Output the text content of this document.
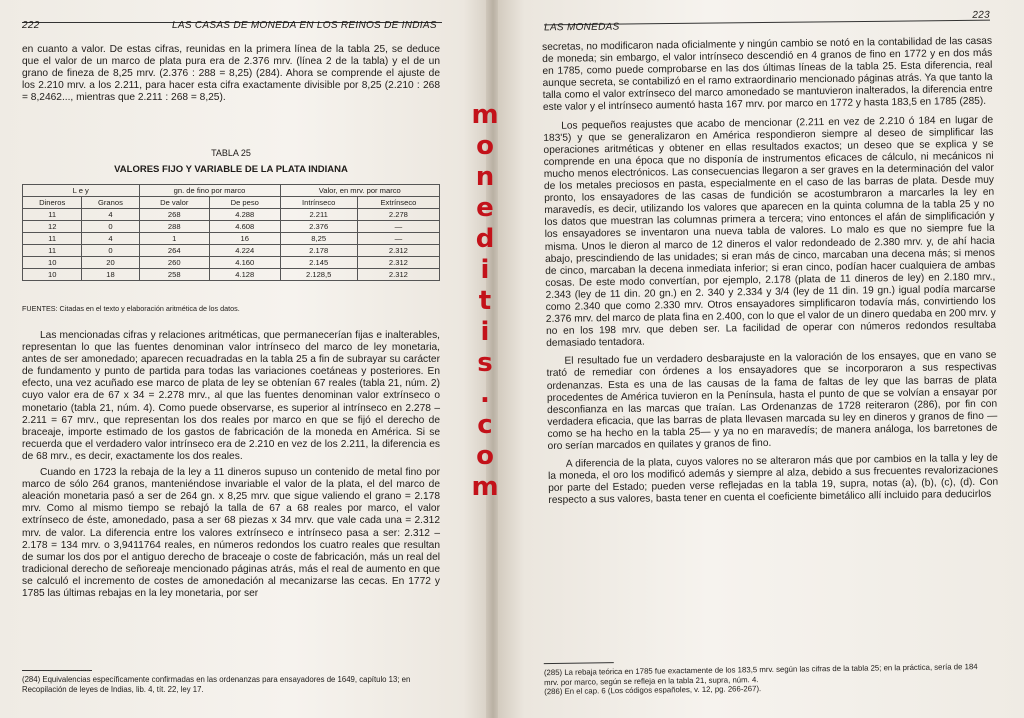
222	LAS CASAS DE MONEDA EN LOS REINOS DE INDIAS

en cuanto a valor. De estas cifras, reunidas en la primera línea de la tabla 25, se deduce que el valor de un marco de plata pura era de 2.376 mrv. (línea 2 de la tabla) y el de un grano de fineza de 8,25 mrv. (2.376 : 288 = 8,25) (284). Ahora se comprende el ajuste de los 2.210 mrv. a los 2.211, para hacer esta cifra exactamente divisible por 8,25 (2.210 : 268 = 8,2462..., mientras que 2.211 : 268 = 8,25).

TABLA 25
VALORES FIJO Y VARIABLE DE LA PLATA INDIANA
L e y		gn. de fino por marco		Valor, en mrv. por marco	
Dineros	Granos	De valor	De peso	Intrínseco	Extrínseco
11	4	268	4.288	2.211	2.278
12	0	288	4.608	2.376	—
11	4	1	16	8,25	—
11	0	264	4.224	2.178	2.312
10	20	260	4.160	2.145	2.312
10	18	258	4.128	2.128,5	2.312
FUENTES: Citadas en el texto y elaboración aritmética de los datos.

Las mencionadas cifras y relaciones aritméticas, que permanecerían fijas e inalterables, representan lo que las fuentes denominan valor intrínseco del marco de ley monetaria, antes de ser amonedado; aparecen recuadradas en la tabla 25 a fin de subrayar su carácter de fundamento y punto de partida para todas las variaciones coetáneas y posteriores. En efecto, una vez acuñado ese marco de plata de ley se obtenían 67 reales (tabla 21, núm. 2) cuyo valor era de 67 x 34 = 2.278 mrv., al que las fuentes denominan valor extrínseco o monetario (tabla 21, núm. 4). Como puede observarse, es superior al intrínseco en 2.278 – 2.211 = 67 mrv., que representan los dos reales por marco en que se fijó el derecho de braceaje, importe estimado de los gastos de fabricación de la moneda en América. Si se recuerda que el verdadero valor intrínseco era de 2.210 en vez de los 2.211, la diferencia es de 68 mrv., es decir, exactamente los dos reales.

Cuando en 1723 la rebaja de la ley a 11 dineros supuso un contenido de metal fino por marco de sólo 264 granos, manteniéndose invariable el valor de la plata, el del marco de aleación monetaria pasó a ser de 264 gn. x 8,25 mrv. que sigue valiendo el grano = 2.178 mrv. Como al mismo tiempo se rebajó la talla de 67 a 68 reales por marco, el valor extrínseco de éste, amonedado, pasa a ser 68 piezas x 34 mrv. que vale cada una = 2.312 mrv. de valor. La diferencia entre los valores extrínseco e intrínseco pasa a ser: 2.312 – 2.178 = 134 mrv. o 3,9411764 reales, en números redondos los cuatro reales que resultan de sumar los dos por el antiguo derecho de braceaje o coste de fabricación, más un real del tradicional derecho de señoreaje mencionado páginas atrás, más el real de aumento en que se calculó el incremento de costes de amonedación al mecanizarse las cecas. En 1772 y 1785 las últimas rebajas en la ley monetaria, por ser

(284) Equivalencias específicamente confirmadas en las ordenanzas para ensayadores de 1649, capítulo 13; en Recopilación de leyes de Indias, lib. 4, tít. 22, ley 17.
LAS MONEDAS
223

secretas, no modificaron nada oficialmente y ningún cambio se notó en la contabilidad de las casas de moneda; sin embargo, el valor intrínseco descendió en 4 granos de fino en 1772 y en dos más en 1785, como puede comprobarse en las dos últimas líneas de la tabla 25. Esta diferencia, real aunque secreta, se contabilizó en el ramo extraordinario mencionado páginas atrás. Ya que tanto la talla como el valor extrínseco del marco amonedado se mantuvieron inalterados, la diferencia entre este valor y el intrínseco aumentó hasta 167 mrv. por marco en 1772 y hasta 183,5 en 1785 (285).

Los pequeños reajustes que acabo de mencionar (2.211 en vez de 2.210 ó 184 en lugar de 183'5) y que se generalizaron en América respondieron siempre al deseo de simplificar las operaciones aritméticas y obtener en ellas resultados exactos; un deseo que se explica y se comprende en una época que no disponía de instrumentos eficaces de cálculo, ni mecánicos ni mucho menos electrónicos. Las consecuencias llegaron a ser graves en la determinación del valor de los metales preciosos en pasta, especialmente en el caso de las barras de plata. Desde muy pronto, los ensayadores de las casas de fundición se acostumbraron a marcarles la ley en maravedís, es decir, utilizando los valores que aparecen en la quinta columna de la tabla 25 y no los datos que muestran las columnas primera a tercera; vino entonces el afán de simplificación y los ensayadores se inventaron una nueva tabla de valores. Lo malo es que no siempre fue la misma. Unos le dieron al marco de 12 dineros el valor redondeado de 2.380 mrv. y, de ahí hacia abajo, prescindiendo de las unidades; si eran más de cinco, marcaban una decena más; si menos de cinco, marcaban la decena inmediata inferior; si eran cinco, podían hacer cualquiera de ambas cosas. De este modo convertían, por ejemplo, 2.178 (plata de 11 dineros de ley) en 2.180 mrv., 2.343 (ley de 11 din. 20 gn.) en 2. 340 y 2.334 y 3/4 (ley de 11 din. 19 gn.) igual podía marcarse como 2.340 que como 2.330 mrv. Otros ensayadores simplificaron todavía más, convirtiendo los 2.376 mrv. del marco de plata fina en 2.400, con lo que el valor de un dinero quedaba en 200 mrv. y no en los 198 mrv. que deben ser. La facilidad de operar con números redondos resultaba demasiado tentadora.

El resultado fue un verdadero desbarajuste en la valoración de los ensayes, que en vano se trató de remediar con órdenes a los ensayadores que se incorporaron a sus respectivas ordenanzas. Esta es una de las causas de la fama de faltas de ley que las barras de plata procedentes de América tuvieron en la Península, hasta el punto de que se volvían a ensayar por desconfianza en las marcas que traían. Las Ordenanzas de 1728 reiteraron (286), por fin con verdadera eficacia, que las barras de plata llevasen marcada su ley en dineros y granos de fino —como se ha hecho en la tabla 25— y ya no en maravedís; de manera análoga, los barretones de oro serían marcados en quilates y granos de fino.

A diferencia de la plata, cuyos valores no se alteraron más que por cambios en la talla y ley de la moneda, el oro los modificó además y siempre al alza, debido a sus frecuentes revalorizaciones por parte del Estado; pueden verse reflejadas en la tabla 19, supra, notas (a), (b), (c), (d). Con respecto a sus valores, basta tener en cuenta el coeficiente bimetálico allí incluido para deducirlos

(285) La rebaja teórica en 1785 fue exactamente de los 183,5 mrv. según las cifras de la tabla 25; en la práctica, sería de 184 mrv. por marco, según se refleja en la tabla 21, supra, núm. 4.
(286) En el cap. 6 (Los códigos españoles, v. 12, pg. 266-267).
m
o
n
e
d
i
t
i
s
.
c
o
m
